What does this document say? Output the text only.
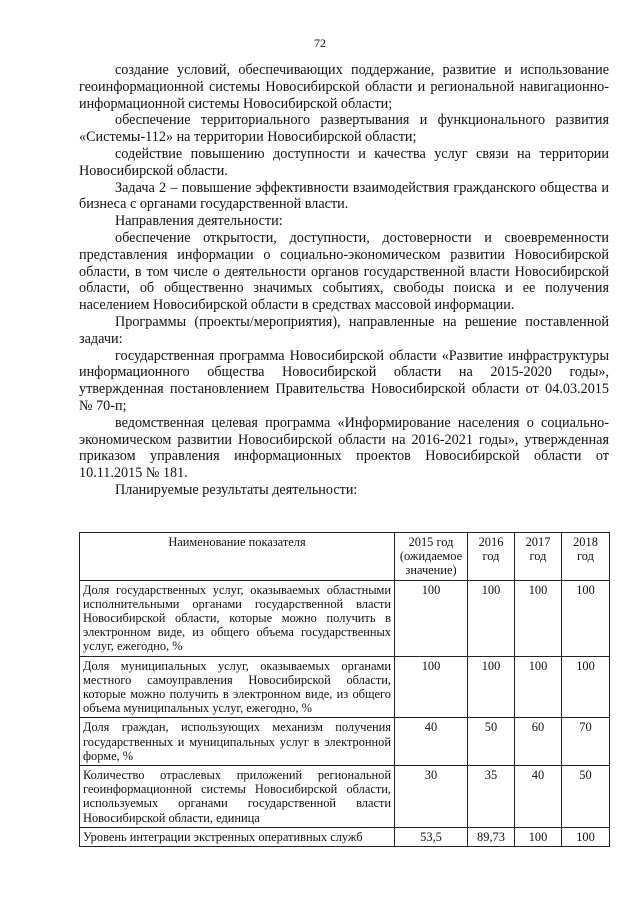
72

создание условий, обеспечивающих поддержание, развитие и использование геоинформационной системы Новосибирской области и региональной навигационно-информационной системы Новосибирской области;

обеспечение территориального развертывания и функционального развития «Системы-112» на территории Новосибирской области;

содействие повышению доступности и качества услуг связи на территории Новосибирской области.

Задача 2 – повышение эффективности взаимодействия гражданского общества и бизнеса с органами государственной власти.

Направления деятельности:

обеспечение открытости, доступности, достоверности и своевременности представления информации о социально-экономическом развитии Новосибирской области, в том числе о деятельности органов государственной власти Новосибирской области, об общественно значимых событиях, свободы поиска и ее получения населением Новосибирской области в средствах массовой информации.

Программы (проекты/мероприятия), направленные на решение поставленной задачи:

государственная программа Новосибирской области «Развитие инфраструктуры информационного общества Новосибирской области на 2015-2020 годы», утвержденная постановлением Правительства Новосибирской области от 04.03.2015 № 70-п;

ведомственная целевая программа «Информирование населения о социально-экономическом развитии Новосибирской области на 2016-2021 годы», утвержденная приказом управления информационных проектов Новосибирской области от 10.11.2015 № 181.

Планируемые результаты деятельности:

Наименование показателя	2015 год (ожидаемое значение)	2016 год	2017 год	2018 год
Доля государственных услуг, оказываемых областными исполнительными органами государственной власти Новосибирской области, которые можно получить в электронном виде, из общего объема государственных услуг, ежегодно, %	100	100	100	100
Доля муниципальных услуг, оказываемых органами местного самоуправления Новосибирской области, которые можно получить в электронном виде, из общего объема муниципальных услуг, ежегодно, %	100	100	100	100
Доля граждан, использующих механизм получения государственных и муниципальных услуг в электронной форме, %	40	50	60	70
Количество отраслевых приложений региональной геоинформационной системы Новосибирской области, используемых органами государственной власти Новосибирской области, единица	30	35	40	50
Уровень интеграции экстренных оперативных служб	53,5	89,73	100	100
